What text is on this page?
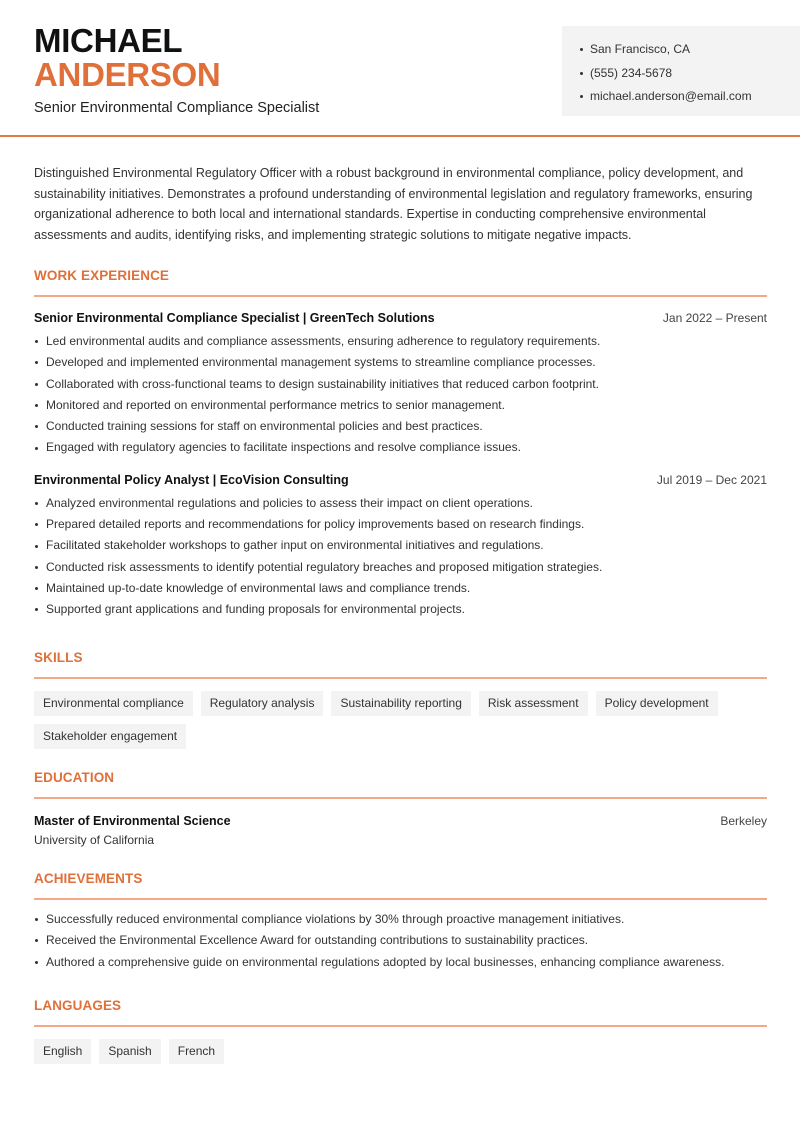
MICHAEL
ANDERSON
Senior Environmental Compliance Specialist
San Francisco, CA
(555) 234-5678
michael.anderson@email.com

Distinguished Environmental Regulatory Officer with a robust background in environmental compliance, policy development, and sustainability initiatives. Demonstrates a profound understanding of environmental legislation and regulatory frameworks, ensuring organizational adherence to both local and international standards. Expertise in conducting comprehensive environmental assessments and audits, identifying risks, and implementing strategic solutions to mitigate negative impacts.

WORK EXPERIENCE
Senior Environmental Compliance Specialist | GreenTech Solutions	Jan 2022 – Present
Led environmental audits and compliance assessments, ensuring adherence to regulatory requirements.
Developed and implemented environmental management systems to streamline compliance processes.
Collaborated with cross-functional teams to design sustainability initiatives that reduced carbon footprint.
Monitored and reported on environmental performance metrics to senior management.
Conducted training sessions for staff on environmental policies and best practices.
Engaged with regulatory agencies to facilitate inspections and resolve compliance issues.
Environmental Policy Analyst | EcoVision Consulting	Jul 2019 – Dec 2021
Analyzed environmental regulations and policies to assess their impact on client operations.
Prepared detailed reports and recommendations for policy improvements based on research findings.
Facilitated stakeholder workshops to gather input on environmental initiatives and regulations.
Conducted risk assessments to identify potential regulatory breaches and proposed mitigation strategies.
Maintained up-to-date knowledge of environmental laws and compliance trends.
Supported grant applications and funding proposals for environmental projects.
SKILLS
Environmental compliance	Regulatory analysis	Sustainability reporting	Risk assessment	Policy development
Stakeholder engagement
EDUCATION
Master of Environmental Science	Berkeley
University of California
ACHIEVEMENTS
Successfully reduced environmental compliance violations by 30% through proactive management initiatives.
Received the Environmental Excellence Award for outstanding contributions to sustainability practices.
Authored a comprehensive guide on environmental regulations adopted by local businesses, enhancing compliance awareness.
LANGUAGES
English	Spanish	French
